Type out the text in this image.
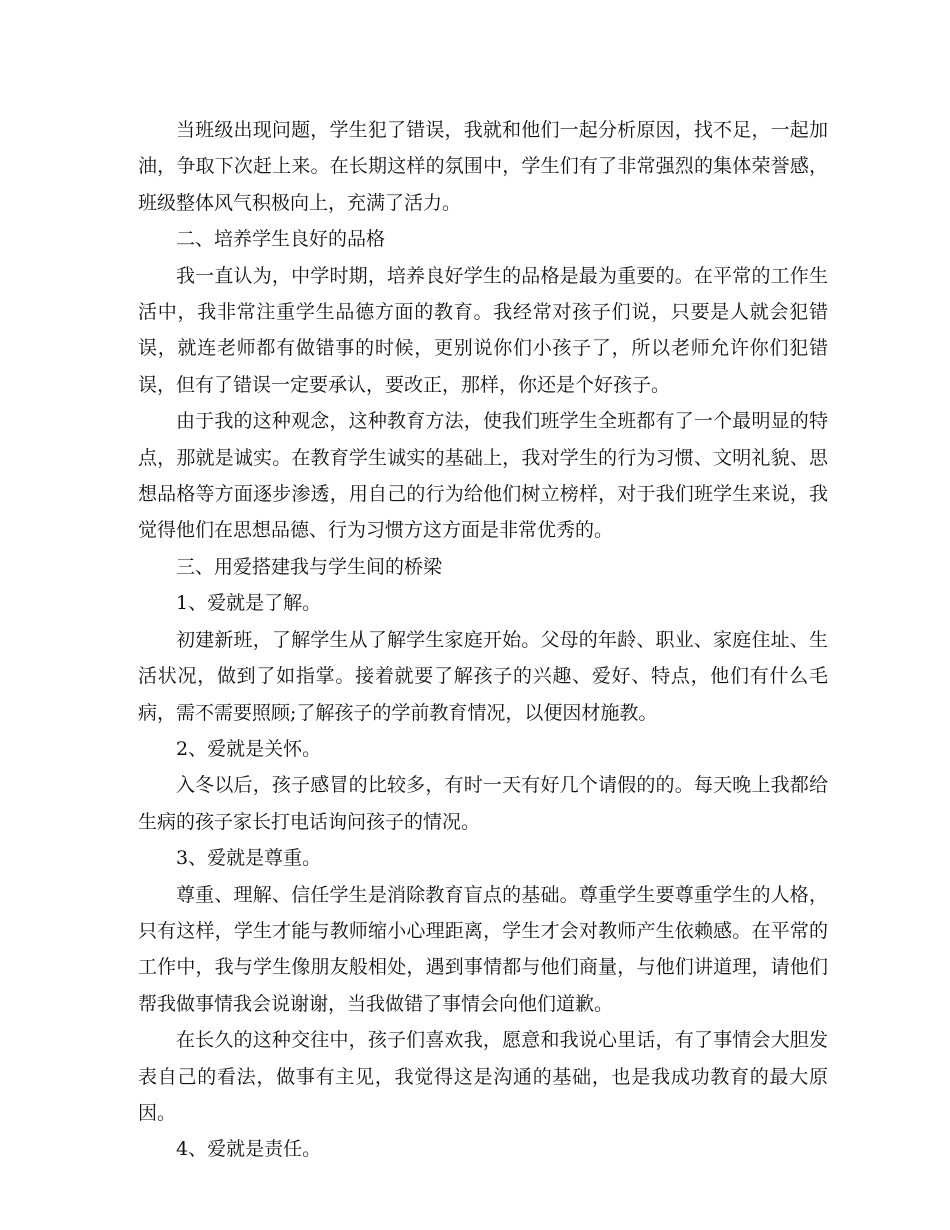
当班级出现问题，学生犯了错误，我就和他们一起分析原因，找不足，一起加油，争取下次赶上来。在长期这样的氛围中，学生们有了非常强烈的集体荣誉感，班级整体风气积极向上，充满了活力。

二、培养学生良好的品格

我一直认为，中学时期，培养良好学生的品格是最为重要的。在平常的工作生活中，我非常注重学生品德方面的教育。我经常对孩子们说，只要是人就会犯错误，就连老师都有做错事的时候，更别说你们小孩子了，所以老师允许你们犯错误，但有了错误一定要承认，要改正，那样，你还是个好孩子。

由于我的这种观念，这种教育方法，使我们班学生全班都有了一个最明显的特点，那就是诚实。在教育学生诚实的基础上，我对学生的行为习惯、文明礼貌、思想品格等方面逐步渗透，用自己的行为给他们树立榜样，对于我们班学生来说，我觉得他们在思想品德、行为习惯方这方面是非常优秀的。

三、用爱搭建我与学生间的桥梁

1、爱就是了解。

初建新班，了解学生从了解学生家庭开始。父母的年龄、职业、家庭住址、生活状况，做到了如指掌。接着就要了解孩子的兴趣、爱好、特点，他们有什么毛病，需不需要照顾;了解孩子的学前教育情况，以便因材施教。

2、爱就是关怀。

入冬以后，孩子感冒的比较多，有时一天有好几个请假的的。每天晚上我都给生病的孩子家长打电话询问孩子的情况。

3、爱就是尊重。

尊重、理解、信任学生是消除教育盲点的基础。尊重学生要尊重学生的人格，只有这样，学生才能与教师缩小心理距离，学生才会对教师产生依赖感。在平常的工作中，我与学生像朋友般相处，遇到事情都与他们商量，与他们讲道理，请他们帮我做事情我会说谢谢，当我做错了事情会向他们道歉。

在长久的这种交往中，孩子们喜欢我，愿意和我说心里话，有了事情会大胆发表自己的看法，做事有主见，我觉得这是沟通的基础，也是我成功教育的最大原因。

4、爱就是责任。
